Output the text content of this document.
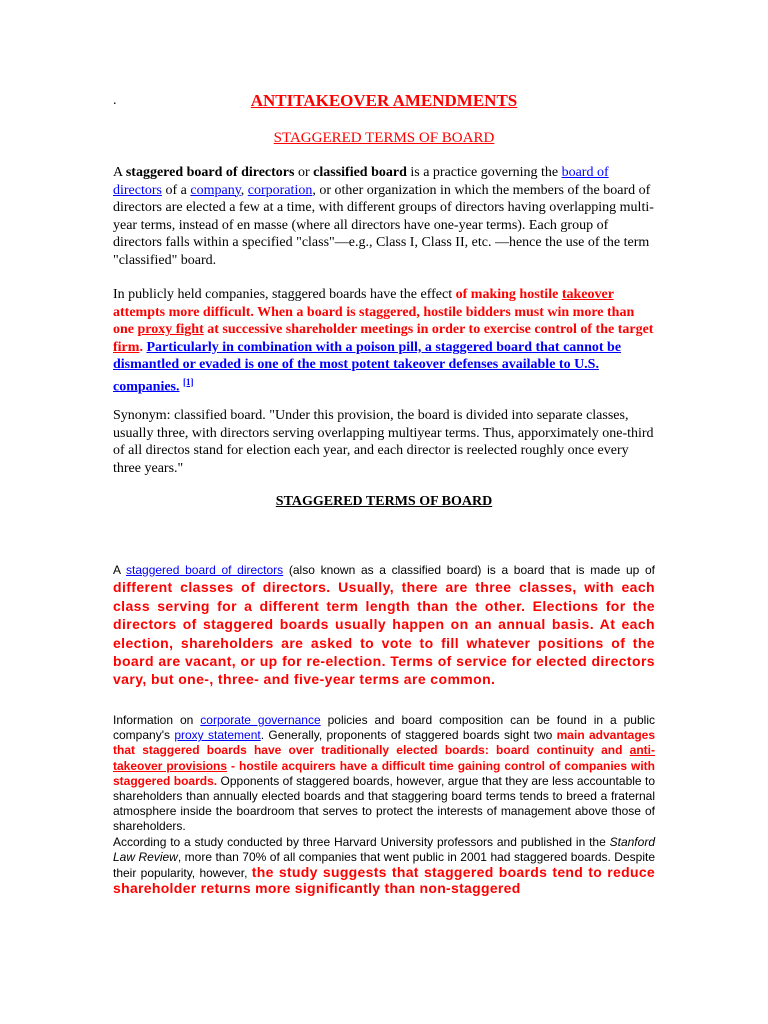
.	ANTITAKEOVER AMENDMENTS
STAGGERED TERMS OF BOARD
A staggered board of directors or classified board is a practice governing the board of directors of a company, corporation, or other organization in which the members of the board of directors are elected a few at a time, with different groups of directors having overlapping multi-year terms, instead of en masse (where all directors have one-year terms). Each group of directors falls within a specified "class"—e.g., Class I, Class II, etc. —hence the use of the term "classified" board.
In publicly held companies, staggered boards have the effect of making hostile takeover attempts more difficult. When a board is staggered, hostile bidders must win more than one proxy fight at successive shareholder meetings in order to exercise control of the target firm. Particularly in combination with a poison pill, a staggered board that cannot be dismantled or evaded is one of the most potent takeover defenses available to U.S. companies. [1]
Synonym: classified board. "Under this provision, the board is divided into separate classes, usually three, with directors serving overlapping multiyear terms. Thus, apporximately one-third of all directos stand for election each year, and each director is reelected roughly once every three years."
STAGGERED TERMS OF BOARD
A staggered board of directors (also known as a classified board) is a board that is made up of different classes of directors. Usually, there are three classes, with each class serving for a different term length than the other. Elections for the directors of staggered boards usually happen on an annual basis. At each election, shareholders are asked to vote to fill whatever positions of the board are vacant, or up for re-election. Terms of service for elected directors vary, but one-, three- and five-year terms are common.
Information on corporate governance policies and board composition can be found in a public company's proxy statement. Generally, proponents of staggered boards sight two main advantages that staggered boards have over traditionally elected boards: board continuity and anti-takeover provisions - hostile acquirers have a difficult time gaining control of companies with staggered boards. Opponents of staggered boards, however, argue that they are less accountable to shareholders than annually elected boards and that staggering board terms tends to breed a fraternal atmosphere inside the boardroom that serves to protect the interests of management above those of shareholders.
According to a study conducted by three Harvard University professors and published in the Stanford Law Review, more than 70% of all companies that went public in 2001 had staggered boards. Despite their popularity, however, the study suggests that staggered boards tend to reduce shareholder returns more significantly than non-staggered
